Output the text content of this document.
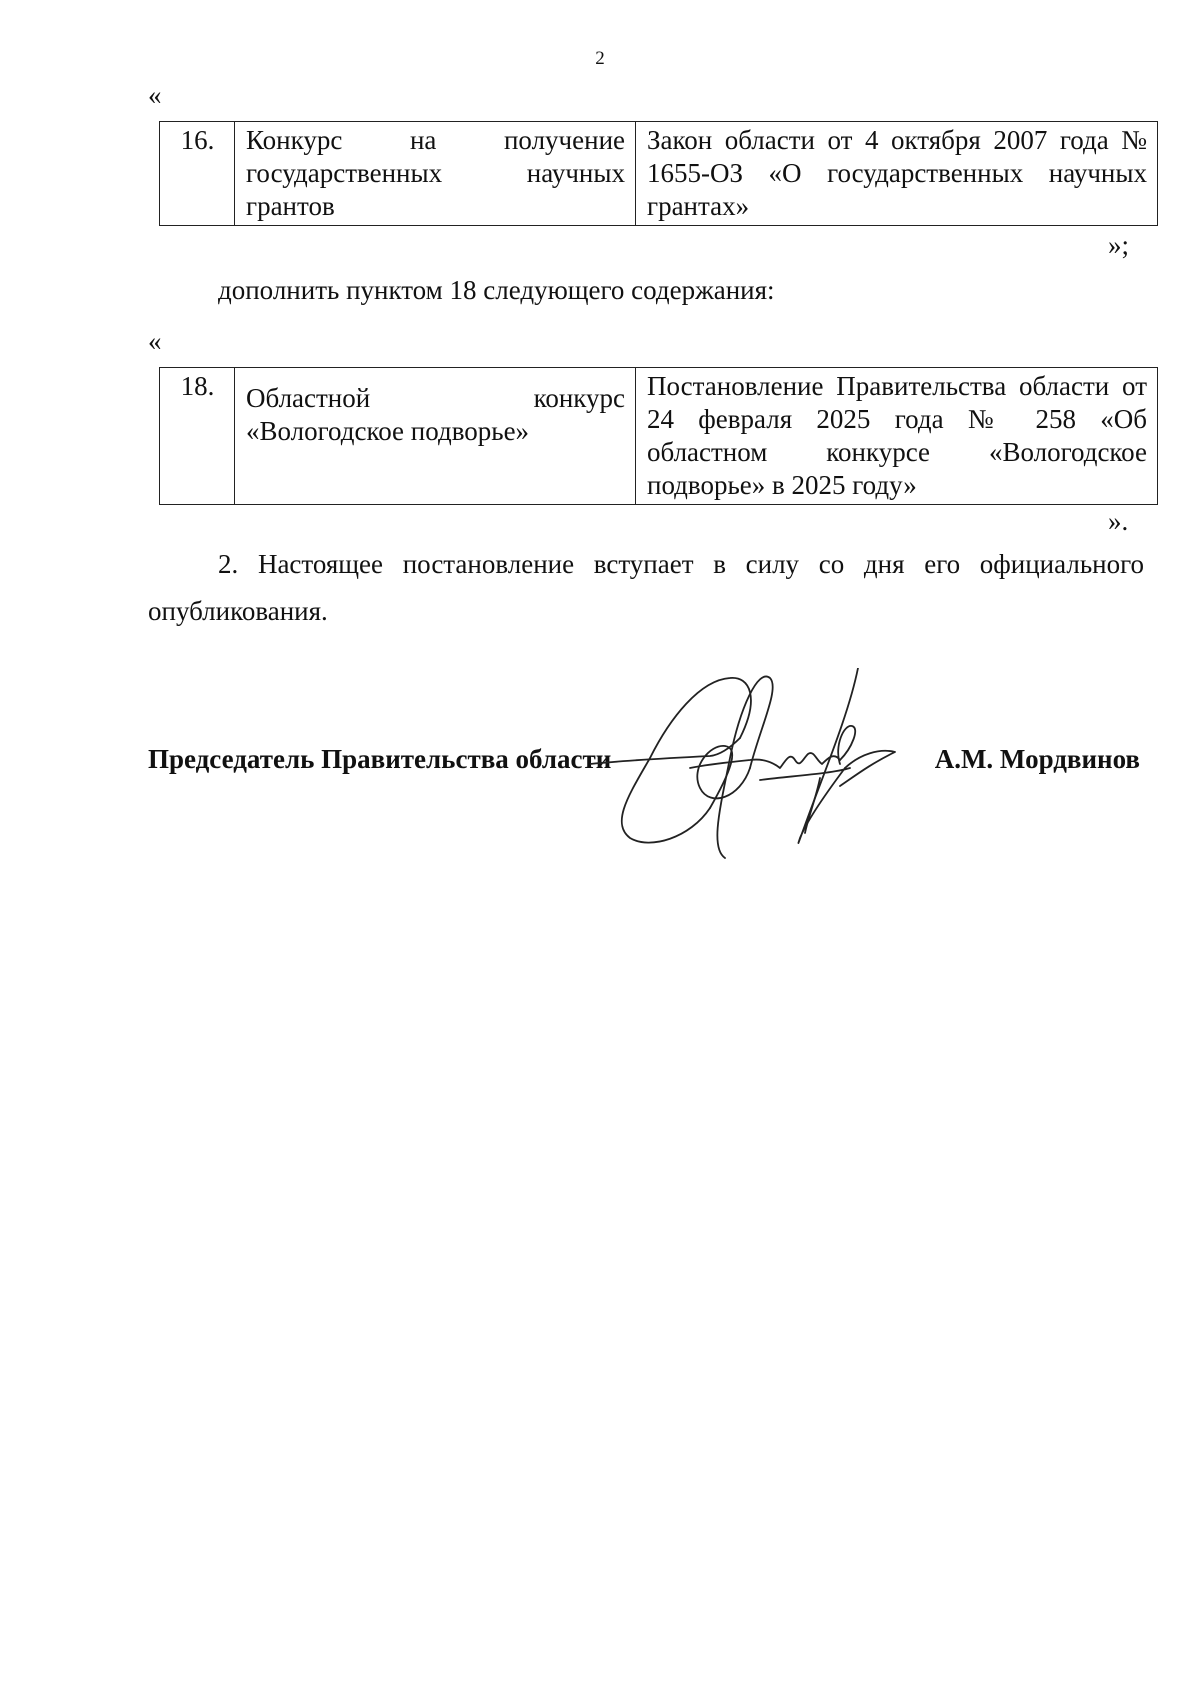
2
«
16.	Конкурс на получение государственных научных грантов	Закон области от 4 октября 2007 года № 1655-ОЗ «О государственных научных грантах»
»;
дополнить пунктом 18 следующего содержания:
«
18.	Областной конкурс «Вологодское подворье»	Постановление Правительства области от 24 февраля 2025 года № 258 «Об областном конкурсе «Вологодское подворье» в 2025 году»
».
2. Настоящее постановление вступает в силу со дня его официального опубликования.
Председатель Правительства области	А.М. Мордвинов
